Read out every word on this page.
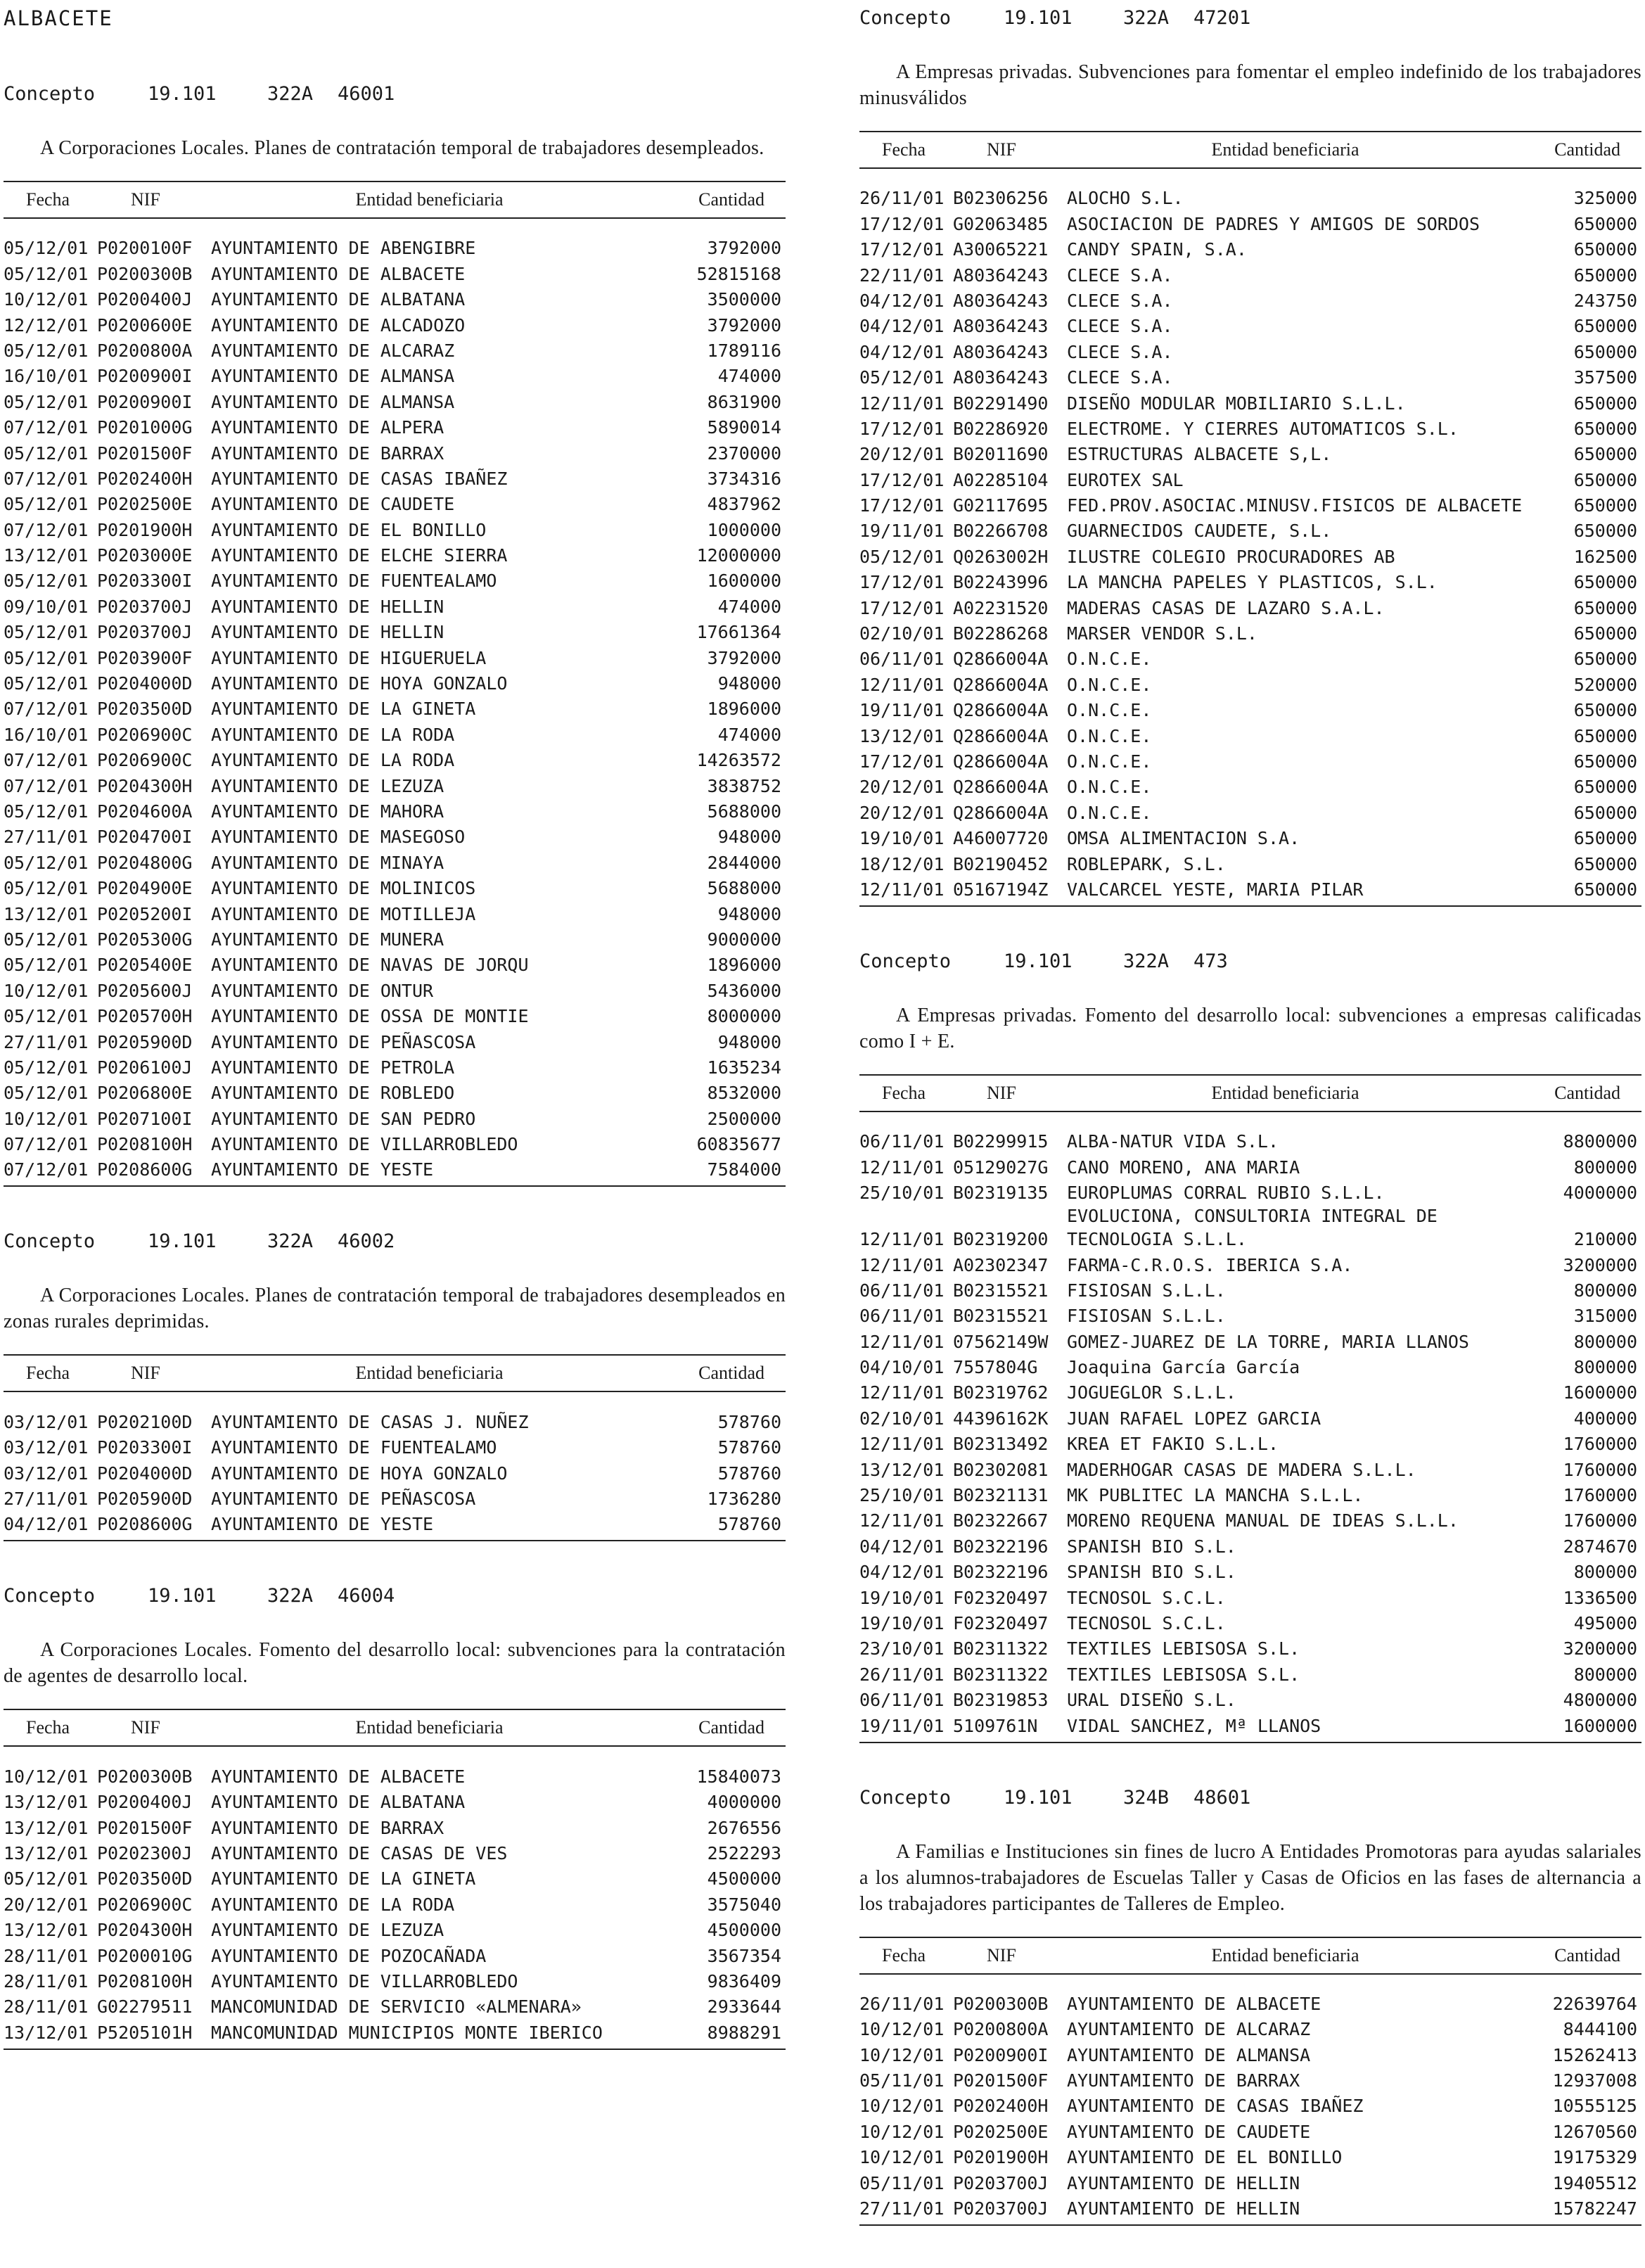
ALBACETE
Concepto	19.101	322A 46001

A Corporaciones Locales. Planes de contratación temporal de trabajadores desempleados.

Fecha	NIF	Entidad beneficiaria	Cantidad
05/12/01	P0200100F	AYUNTAMIENTO DE ABENGIBRE	3792000
05/12/01	P0200300B	AYUNTAMIENTO DE ALBACETE	52815168
10/12/01	P0200400J	AYUNTAMIENTO DE ALBATANA	3500000
12/12/01	P0200600E	AYUNTAMIENTO DE ALCADOZO	3792000
05/12/01	P0200800A	AYUNTAMIENTO DE ALCARAZ	1789116
16/10/01	P0200900I	AYUNTAMIENTO DE ALMANSA	474000
05/12/01	P0200900I	AYUNTAMIENTO DE ALMANSA	8631900
07/12/01	P0201000G	AYUNTAMIENTO DE ALPERA	5890014
05/12/01	P0201500F	AYUNTAMIENTO DE BARRAX	2370000
07/12/01	P0202400H	AYUNTAMIENTO DE CASAS IBAÑEZ	3734316
05/12/01	P0202500E	AYUNTAMIENTO DE CAUDETE	4837962
07/12/01	P0201900H	AYUNTAMIENTO DE EL BONILLO	1000000
13/12/01	P0203000E	AYUNTAMIENTO DE ELCHE SIERRA	12000000
05/12/01	P0203300I	AYUNTAMIENTO DE FUENTEALAMO	1600000
09/10/01	P0203700J	AYUNTAMIENTO DE HELLIN	474000
05/12/01	P0203700J	AYUNTAMIENTO DE HELLIN	17661364
05/12/01	P0203900F	AYUNTAMIENTO DE HIGUERUELA	3792000
05/12/01	P0204000D	AYUNTAMIENTO DE HOYA GONZALO	948000
07/12/01	P0203500D	AYUNTAMIENTO DE LA GINETA	1896000
16/10/01	P0206900C	AYUNTAMIENTO DE LA RODA	474000
07/12/01	P0206900C	AYUNTAMIENTO DE LA RODA	14263572
07/12/01	P0204300H	AYUNTAMIENTO DE LEZUZA	3838752
05/12/01	P0204600A	AYUNTAMIENTO DE MAHORA	5688000
27/11/01	P0204700I	AYUNTAMIENTO DE MASEGOSO	948000
05/12/01	P0204800G	AYUNTAMIENTO DE MINAYA	2844000
05/12/01	P0204900E	AYUNTAMIENTO DE MOLINICOS	5688000
13/12/01	P0205200I	AYUNTAMIENTO DE MOTILLEJA	948000
05/12/01	P0205300G	AYUNTAMIENTO DE MUNERA	9000000
05/12/01	P0205400E	AYUNTAMIENTO DE NAVAS DE JORQU	1896000
10/12/01	P0205600J	AYUNTAMIENTO DE ONTUR	5436000
05/12/01	P0205700H	AYUNTAMIENTO DE OSSA DE MONTIE	8000000
27/11/01	P0205900D	AYUNTAMIENTO DE PEÑASCOSA	948000
05/12/01	P0206100J	AYUNTAMIENTO DE PETROLA	1635234
05/12/01	P0206800E	AYUNTAMIENTO DE ROBLEDO	8532000
10/12/01	P0207100I	AYUNTAMIENTO DE SAN PEDRO	2500000
07/12/01	P0208100H	AYUNTAMIENTO DE VILLARROBLEDO	60835677
07/12/01	P0208600G	AYUNTAMIENTO DE YESTE	7584000
Concepto	19.101	322A 46002

A Corporaciones Locales. Planes de contratación temporal de trabajadores desempleados en zonas rurales deprimidas.

Fecha	NIF	Entidad beneficiaria	Cantidad
03/12/01	P0202100D	AYUNTAMIENTO DE CASAS J. NUÑEZ	578760
03/12/01	P0203300I	AYUNTAMIENTO DE FUENTEALAMO	578760
03/12/01	P0204000D	AYUNTAMIENTO DE HOYA GONZALO	578760
27/11/01	P0205900D	AYUNTAMIENTO DE PEÑASCOSA	1736280
04/12/01	P0208600G	AYUNTAMIENTO DE YESTE	578760
Concepto	19.101	322A 46004

A Corporaciones Locales. Fomento del desarrollo local: subvenciones para la contratación de agentes de desarrollo local.

Fecha	NIF	Entidad beneficiaria	Cantidad
10/12/01	P0200300B	AYUNTAMIENTO DE ALBACETE	15840073
13/12/01	P0200400J	AYUNTAMIENTO DE ALBATANA	4000000
13/12/01	P0201500F	AYUNTAMIENTO DE BARRAX	2676556
13/12/01	P0202300J	AYUNTAMIENTO DE CASAS DE VES	2522293
05/12/01	P0203500D	AYUNTAMIENTO DE LA GINETA	4500000
20/12/01	P0206900C	AYUNTAMIENTO DE LA RODA	3575040
13/12/01	P0204300H	AYUNTAMIENTO DE LEZUZA	4500000
28/11/01	P0200010G	AYUNTAMIENTO DE POZOCAÑADA	3567354
28/11/01	P0208100H	AYUNTAMIENTO DE VILLARROBLEDO	9836409
28/11/01	G02279511	MANCOMUNIDAD DE SERVICIO «ALMENARA»	2933644
13/12/01	P5205101H	MANCOMUNIDAD MUNICIPIOS MONTE IBERICO	8988291
Concepto	19.101	322A 47201

A Empresas privadas. Subvenciones para fomentar el empleo indefinido de los trabajadores minusválidos

Fecha	NIF	Entidad beneficiaria	Cantidad
26/11/01	B02306256	ALOCHO S.L.	325000
17/12/01	G02063485	ASOCIACION DE PADRES Y AMIGOS DE SORDOS	650000
17/12/01	A30065221	CANDY SPAIN, S.A.	650000
22/11/01	A80364243	CLECE S.A.	650000
04/12/01	A80364243	CLECE S.A.	243750
04/12/01	A80364243	CLECE S.A.	650000
04/12/01	A80364243	CLECE S.A.	650000
05/12/01	A80364243	CLECE S.A.	357500
12/11/01	B02291490	DISEÑO MODULAR MOBILIARIO S.L.L.	650000
17/12/01	B02286920	ELECTROME. Y CIERRES AUTOMATICOS S.L.	650000
20/12/01	B02011690	ESTRUCTURAS ALBACETE S,L.	650000
17/12/01	A02285104	EUROTEX SAL	650000
17/12/01	G02117695	FED.PROV.ASOCIAC.MINUSV.FISICOS DE ALBACETE	650000
19/11/01	B02266708	GUARNECIDOS CAUDETE, S.L.	650000
05/12/01	Q0263002H	ILUSTRE COLEGIO PROCURADORES AB	162500
17/12/01	B02243996	LA MANCHA PAPELES Y PLASTICOS, S.L.	650000
17/12/01	A02231520	MADERAS CASAS DE LAZARO S.A.L.	650000
02/10/01	B02286268	MARSER VENDOR S.L.	650000
06/11/01	Q2866004A	O.N.C.E.	650000
12/11/01	Q2866004A	O.N.C.E.	520000
19/11/01	Q2866004A	O.N.C.E.	650000
13/12/01	Q2866004A	O.N.C.E.	650000
17/12/01	Q2866004A	O.N.C.E.	650000
20/12/01	Q2866004A	O.N.C.E.	650000
20/12/01	Q2866004A	O.N.C.E.	650000
19/10/01	A46007720	OMSA ALIMENTACION S.A.	650000
18/12/01	B02190452	ROBLEPARK, S.L.	650000
12/11/01	05167194Z	VALCARCEL YESTE, MARIA PILAR	650000
Concepto	19.101	322A 473

A Empresas privadas. Fomento del desarrollo local: subvenciones a empresas calificadas como I + E.

Fecha	NIF	Entidad beneficiaria	Cantidad
06/11/01	B02299915	ALBA-NATUR VIDA S.L.	8800000
12/11/01	05129027G	CANO MORENO, ANA MARIA	800000
25/10/01	B02319135	EUROPLUMAS CORRAL RUBIO S.L.L.	4000000
12/11/01	B02319200	EVOLUCIONA, CONSULTORIA INTEGRAL DE TECNOLOGIA S.L.L.	210000
12/11/01	A02302347	FARMA-C.R.O.S. IBERICA S.A.	3200000
06/11/01	B02315521	FISIOSAN S.L.L.	800000
06/11/01	B02315521	FISIOSAN S.L.L.	315000
12/11/01	07562149W	GOMEZ-JUAREZ DE LA TORRE, MARIA LLANOS	800000
04/10/01	7557804G	Joaquina García García	800000
12/11/01	B02319762	JOGUEGLOR S.L.L.	1600000
02/10/01	44396162K	JUAN RAFAEL LOPEZ GARCIA	400000
12/11/01	B02313492	KREA ET FAKIO S.L.L.	1760000
13/12/01	B02302081	MADERHOGAR CASAS DE MADERA S.L.L.	1760000
25/10/01	B02321131	MK PUBLITEC LA MANCHA S.L.L.	1760000
12/11/01	B02322667	MORENO REQUENA MANUAL DE IDEAS S.L.L.	1760000
04/12/01	B02322196	SPANISH BIO S.L.	2874670
04/12/01	B02322196	SPANISH BIO S.L.	800000
19/10/01	F02320497	TECNOSOL S.C.L.	1336500
19/10/01	F02320497	TECNOSOL S.C.L.	495000
23/10/01	B02311322	TEXTILES LEBISOSA S.L.	3200000
26/11/01	B02311322	TEXTILES LEBISOSA S.L.	800000
06/11/01	B02319853	URAL DISEÑO S.L.	4800000
19/11/01	5109761N	VIDAL SANCHEZ, Mª LLANOS	1600000
Concepto	19.101	324B 48601

A Familias e Instituciones sin fines de lucro A Entidades Promotoras para ayudas salariales a los alumnos-trabajadores de Escuelas Taller y Casas de Oficios en las fases de alternancia a los trabajadores participantes de Talleres de Empleo.

Fecha	NIF	Entidad beneficiaria	Cantidad
26/11/01	P0200300B	AYUNTAMIENTO DE ALBACETE	22639764
10/12/01	P0200800A	AYUNTAMIENTO DE ALCARAZ	8444100
10/12/01	P0200900I	AYUNTAMIENTO DE ALMANSA	15262413
05/11/01	P0201500F	AYUNTAMIENTO DE BARRAX	12937008
10/12/01	P0202400H	AYUNTAMIENTO DE CASAS IBAÑEZ	10555125
10/12/01	P0202500E	AYUNTAMIENTO DE CAUDETE	12670560
10/12/01	P0201900H	AYUNTAMIENTO DE EL BONILLO	19175329
05/11/01	P0203700J	AYUNTAMIENTO DE HELLIN	19405512
27/11/01	P0203700J	AYUNTAMIENTO DE HELLIN	15782247
